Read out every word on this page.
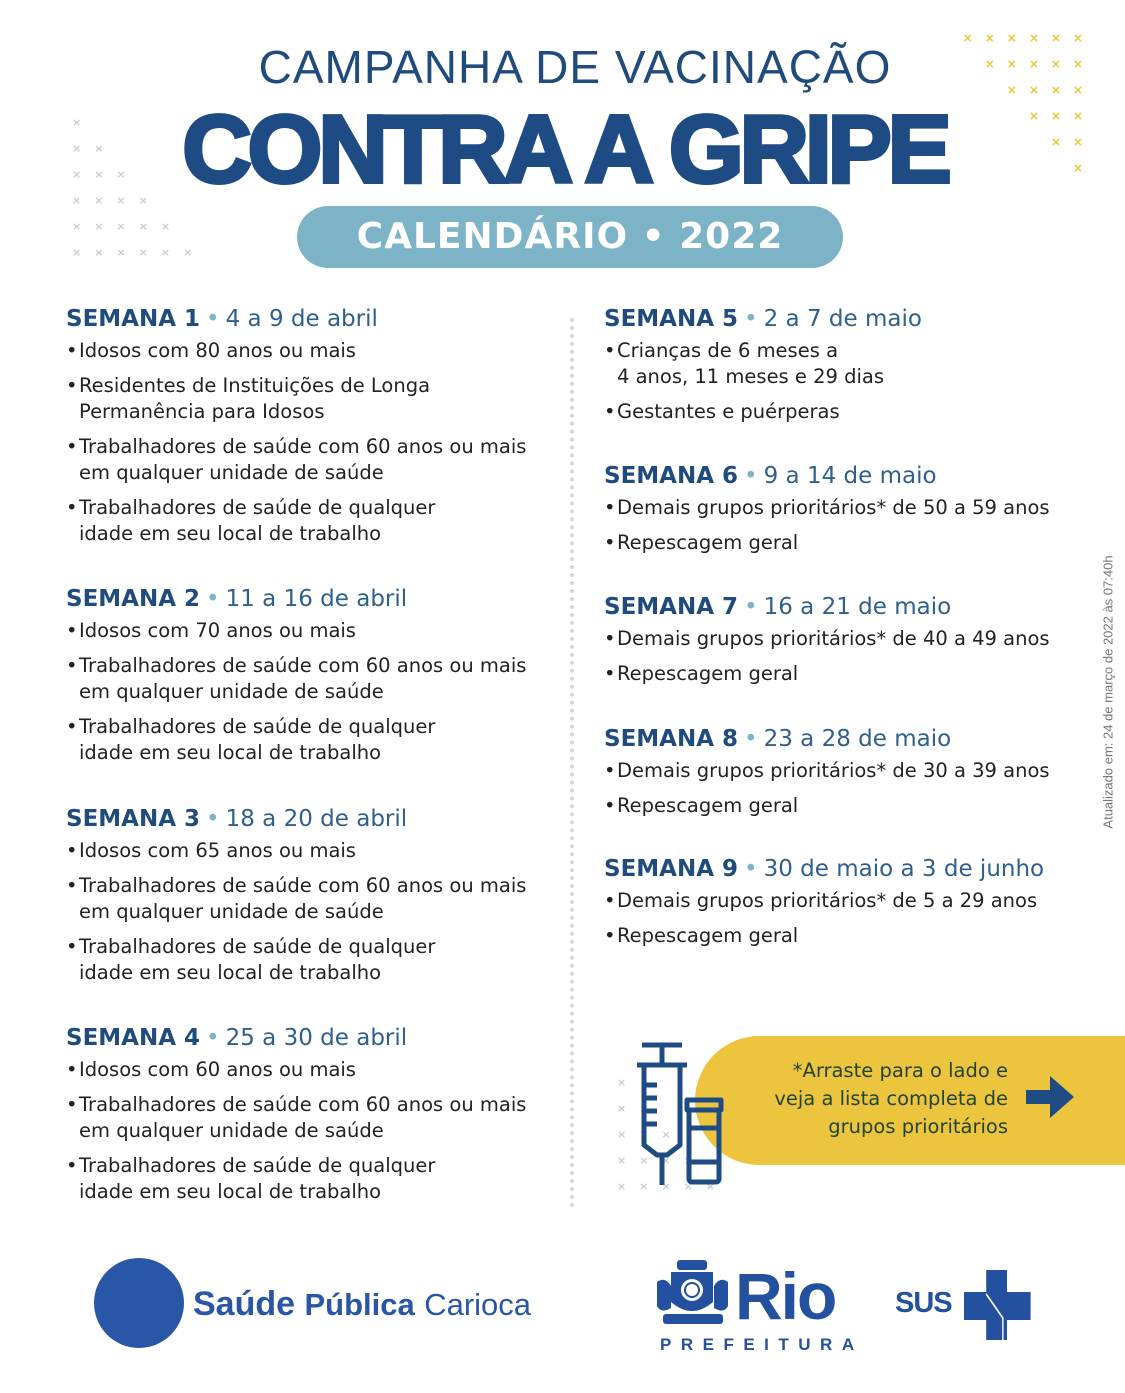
×
××
×××
××××
×××××
××××××
××××××
×××××
××××
×××
××
×
CAMPANHA DE VACINAÇÃO
CONTRA A GRIPE
CALENDÁRIO • 2022
SEMANA 1 • 4 a 9 de abril
• Idosos com 80 anos ou mais
• Residentes de Instituições de Longa
Permanência para Idosos
• Trabalhadores de saúde com 60 anos ou mais
em qualquer unidade de saúde
• Trabalhadores de saúde de qualquer
idade em seu local de trabalho
SEMANA 2 • 11 a 16 de abril
• Idosos com 70 anos ou mais
• Trabalhadores de saúde com 60 anos ou mais
em qualquer unidade de saúde
• Trabalhadores de saúde de qualquer
idade em seu local de trabalho
SEMANA 3 • 18 a 20 de abril
• Idosos com 65 anos ou mais
• Trabalhadores de saúde com 60 anos ou mais
em qualquer unidade de saúde
• Trabalhadores de saúde de qualquer
idade em seu local de trabalho
SEMANA 4 • 25 a 30 de abril
• Idosos com 60 anos ou mais
• Trabalhadores de saúde com 60 anos ou mais
em qualquer unidade de saúde
• Trabalhadores de saúde de qualquer
idade em seu local de trabalho
SEMANA 5 • 2 a 7 de maio
• Crianças de 6 meses a
4 anos, 11 meses e 29 dias
• Gestantes e puérperas
SEMANA 6 • 9 a 14 de maio
• Demais grupos prioritários* de 50 a 59 anos
• Repescagem geral
SEMANA 7 • 16 a 21 de maio
• Demais grupos prioritários* de 40 a 49 anos
• Repescagem geral
SEMANA 8 • 23 a 28 de maio
• Demais grupos prioritários* de 30 a 39 anos
• Repescagem geral
SEMANA 9 • 30 de maio a 3 de junho
• Demais grupos prioritários* de 5 a 29 anos
• Repescagem geral
Atualizado em: 24 de março de 2022 às 07:40h
×
××
×××
××××
×××××
*Arraste para o lado e
veja a lista completa de
grupos prioritários
Saúde Pública Carioca	Rio
PREFEITURA
SUS
